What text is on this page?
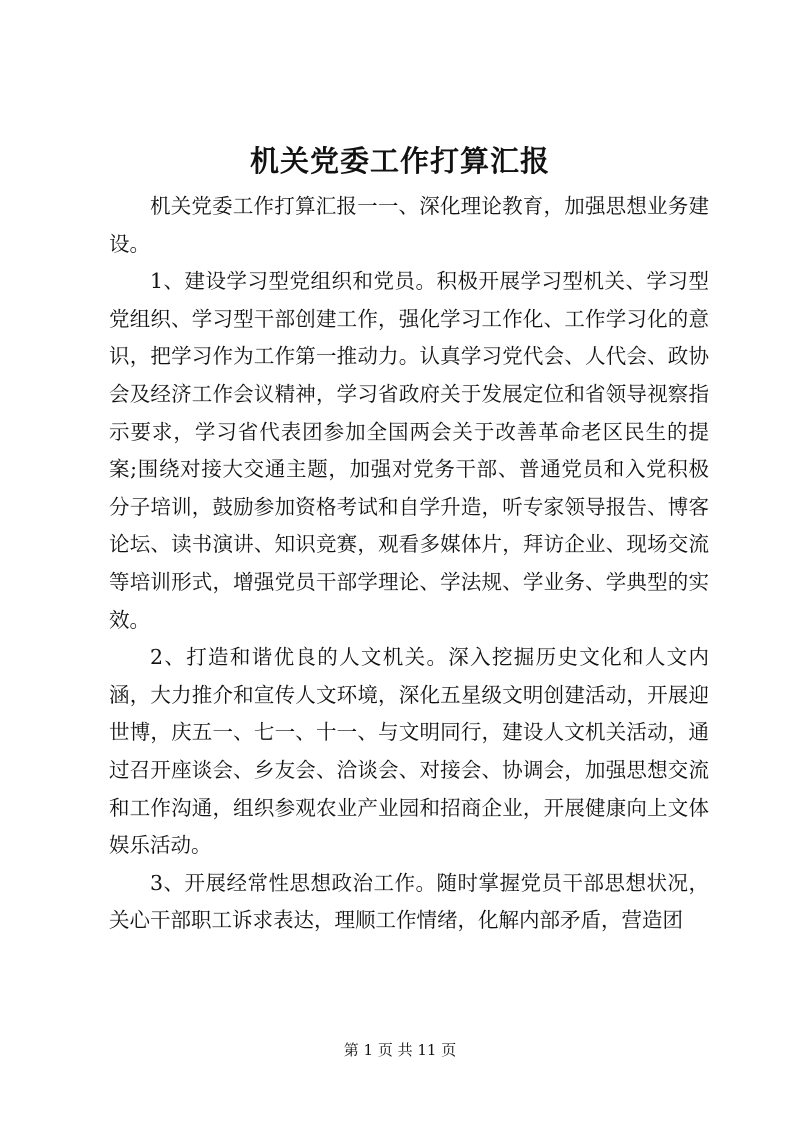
机关党委工作打算汇报

机关党委工作打算汇报一一、深化理论教育，加强思想业务建设。

1、建设学习型党组织和党员。积极开展学习型机关、学习型党组织、学习型干部创建工作，强化学习工作化、工作学习化的意识，把学习作为工作第一推动力。认真学习党代会、人代会、政协会及经济工作会议精神，学习省政府关于发展定位和省领导视察指示要求，学习省代表团参加全国两会关于改善革命老区民生的提案;围绕对接大交通主题，加强对党务干部、普通党员和入党积极分子培训，鼓励参加资格考试和自学升造，听专家领导报告、博客论坛、读书演讲、知识竞赛，观看多媒体片，拜访企业、现场交流等培训形式，增强党员干部学理论、学法规、学业务、学典型的实效。

2、打造和谐优良的人文机关。深入挖掘历史文化和人文内涵，大力推介和宣传人文环境，深化五星级文明创建活动，开展迎世博，庆五一、七一、十一、与文明同行，建设人文机关活动，通过召开座谈会、乡友会、洽谈会、对接会、协调会，加强思想交流和工作沟通，组织参观农业产业园和招商企业，开展健康向上文体娱乐活动。

3、开展经常性思想政治工作。随时掌握党员干部思想状况，关心干部职工诉求表达，理顺工作情绪，化解内部矛盾，营造团

第 1 页 共 11 页
